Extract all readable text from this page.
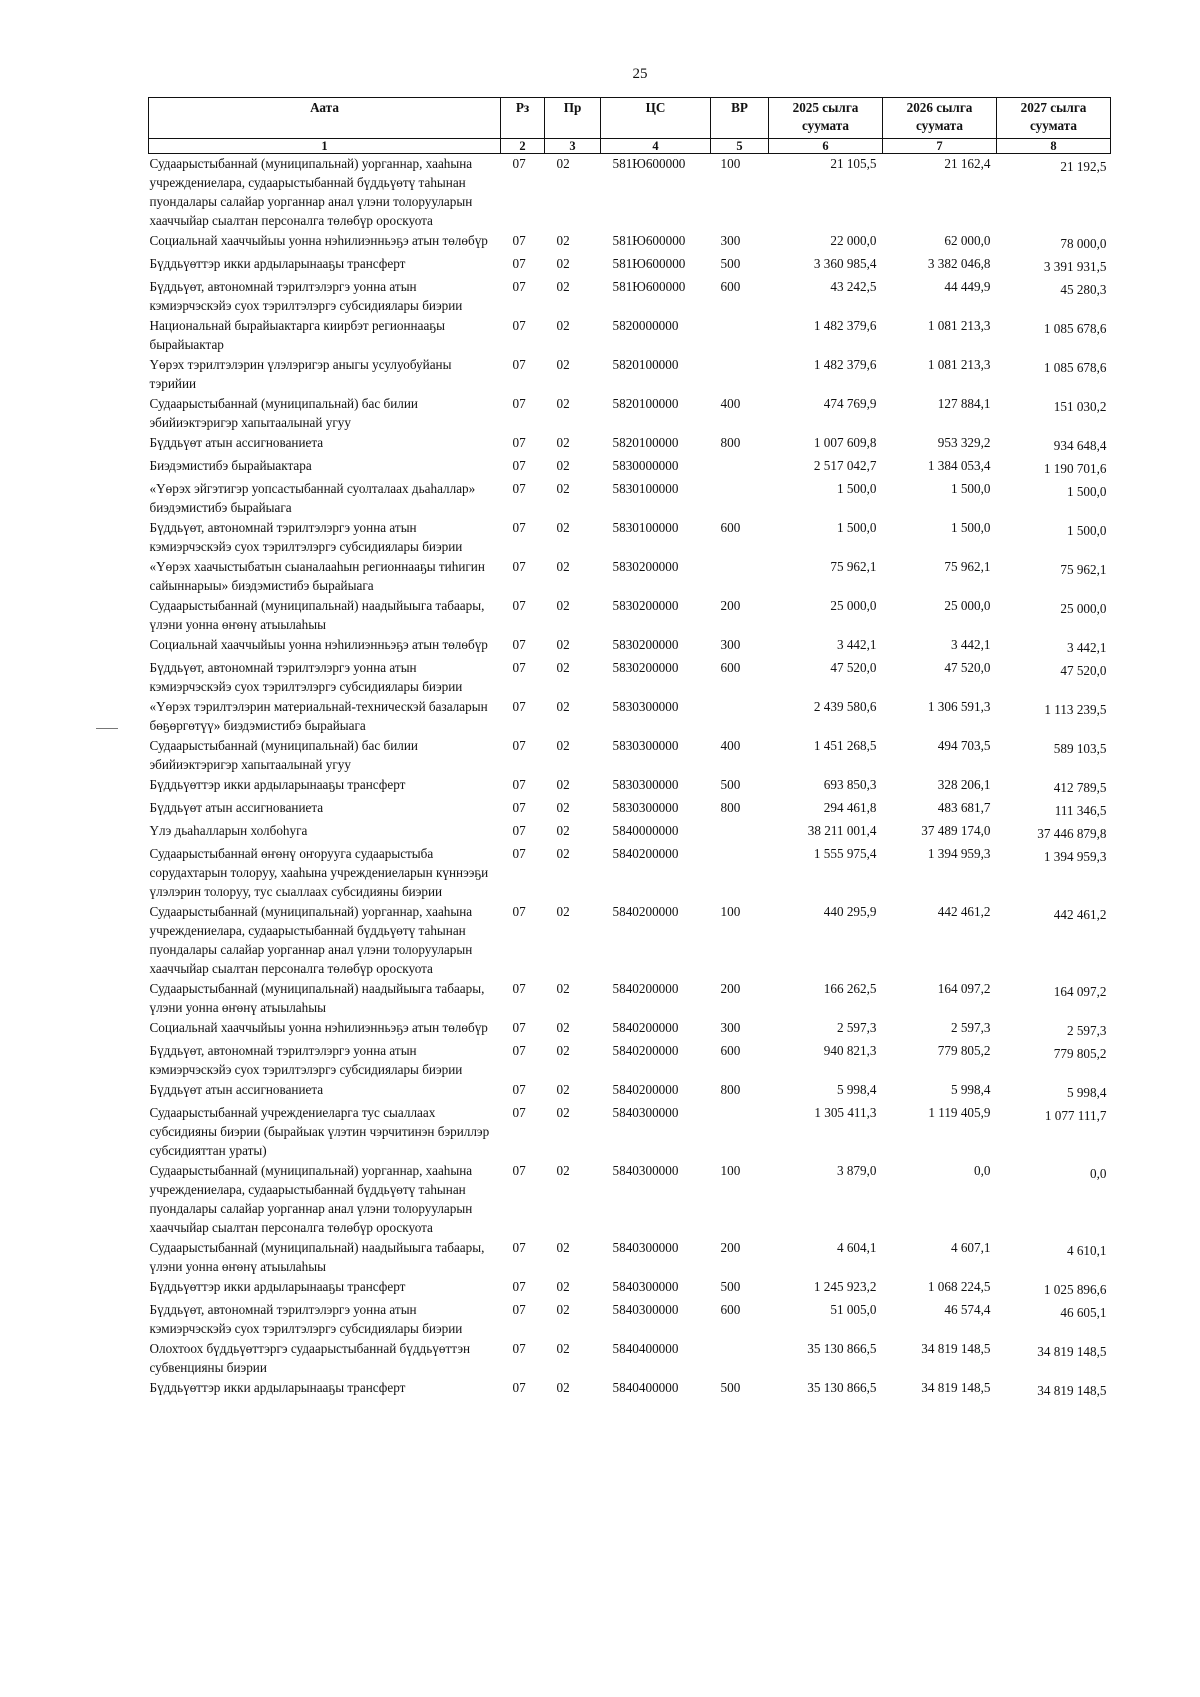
25
Аата	Рз	Пр	ЦС	ВР	2025 сылга суумата	2026 сылга суумата	2027 сылга суумата
1	2	3	4	5	6	7	8
Судаарыстыбаннай (муниципальнай) уорганнар, хааһына учреждениелара, судаарыстыбаннай бүддьүөтү таһынан пуондалары салайар уорганнар анал үлэни толорууларын хааччыйар сыалтан персоналга төлөбүр ороскуота	07	02	581Ю600000	100	21 105,5	21 162,4	21 192,5
Социальнай хааччыйыы уонна нэһилиэнньэҕэ атын төлөбүр	07	02	581Ю600000	300	22 000,0	62 000,0	78 000,0
Бүддьүөттэр икки ардыларынааҕы трансферт	07	02	581Ю600000	500	3 360 985,4	3 382 046,8	3 391 931,5
Бүддьүөт, автономнай тэрилтэлэргэ уонна атын кэмиэрчэскэйэ суох тэрилтэлэргэ субсидиялары биэрии	07	02	581Ю600000	600	43 242,5	44 449,9	45 280,3
Национальнай бырайыактарга киирбэт регионнааҕы бырайыактар	07	02	5820000000		1 482 379,6	1 081 213,3	1 085 678,6
Үөрэх тэрилтэлэрин үлэлэригэр аныгы усулуобуйаны тэрийии	07	02	5820100000		1 482 379,6	1 081 213,3	1 085 678,6
Судаарыстыбаннай (муниципальнай) бас билии эбийиэктэригэр хапытаалынай угуу	07	02	5820100000	400	474 769,9	127 884,1	151 030,2
Бүддьүөт атын ассигнованиета	07	02	5820100000	800	1 007 609,8	953 329,2	934 648,4
Биэдэмистибэ бырайыактара	07	02	5830000000		2 517 042,7	1 384 053,4	1 190 701,6
«Үөрэх эйгэтигэр уопсастыбаннай суолталаах дьаһаллар» биэдэмистибэ бырайыага	07	02	5830100000		1 500,0	1 500,0	1 500,0
Бүддьүөт, автономнай тэрилтэлэргэ уонна атын кэмиэрчэскэйэ суох тэрилтэлэргэ субсидиялары биэрии	07	02	5830100000	600	1 500,0	1 500,0	1 500,0
«Үөрэх хаачыстыбатын сыаналааһын регионнааҕы тиһигин сайыннарыы» биэдэмистибэ бырайыага	07	02	5830200000		75 962,1	75 962,1	75 962,1
Судаарыстыбаннай (муниципальнай) наадыйыыга табаары, үлэни уонна өҥөнү атыылаһыы	07	02	5830200000	200	25 000,0	25 000,0	25 000,0
Социальнай хааччыйыы уонна нэһилиэнньэҕэ атын төлөбүр	07	02	5830200000	300	3 442,1	3 442,1	3 442,1
Бүддьүөт, автономнай тэрилтэлэргэ уонна атын кэмиэрчэскэйэ суох тэрилтэлэргэ субсидиялары биэрии	07	02	5830200000	600	47 520,0	47 520,0	47 520,0
«Үөрэх тэрилтэлэрин материальнай-техническэй базаларын бөҕөргөтүү» биэдэмистибэ бырайыага	07	02	5830300000		2 439 580,6	1 306 591,3	1 113 239,5
Судаарыстыбаннай (муниципальнай) бас билии эбийиэктэригэр хапытаалынай угуу	07	02	5830300000	400	1 451 268,5	494 703,5	589 103,5
Бүддьүөттэр икки ардыларынааҕы трансферт	07	02	5830300000	500	693 850,3	328 206,1	412 789,5
Бүддьүөт атын ассигнованиета	07	02	5830300000	800	294 461,8	483 681,7	111 346,5
Үлэ дьаһалларын холбоһуга	07	02	5840000000		38 211 001,4	37 489 174,0	37 446 879,8
Судаарыстыбаннай өҥөнү оҥорууга судаарыстыба сорудахтарын толоруу, хааһына учреждениеларын күннээҕи үлэлэрин толоруу, тус сыаллаах субсидияны биэрии	07	02	5840200000		1 555 975,4	1 394 959,3	1 394 959,3
Судаарыстыбаннай (муниципальнай) уорганнар, хааһына учреждениелара, судаарыстыбаннай бүддьүөтү таһынан пуондалары салайар уорганнар анал үлэни толорууларын хааччыйар сыалтан персоналга төлөбүр ороскуота	07	02	5840200000	100	440 295,9	442 461,2	442 461,2
Судаарыстыбаннай (муниципальнай) наадыйыыга табаары, үлэни уонна өҥөнү атыылаһыы	07	02	5840200000	200	166 262,5	164 097,2	164 097,2
Социальнай хааччыйыы уонна нэһилиэнньэҕэ атын төлөбүр	07	02	5840200000	300	2 597,3	2 597,3	2 597,3
Бүддьүөт, автономнай тэрилтэлэргэ уонна атын кэмиэрчэскэйэ суох тэрилтэлэргэ субсидиялары биэрии	07	02	5840200000	600	940 821,3	779 805,2	779 805,2
Бүддьүөт атын ассигнованиета	07	02	5840200000	800	5 998,4	5 998,4	5 998,4
Судаарыстыбаннай учреждениеларга тус сыаллаах субсидияны биэрии (бырайыак үлэтин чэрчитинэн бэриллэр субсидияттан ураты)	07	02	5840300000		1 305 411,3	1 119 405,9	1 077 111,7
Судаарыстыбаннай (муниципальнай) уорганнар, хааһына учреждениелара, судаарыстыбаннай бүддьүөтү таһынан пуондалары салайар уорганнар анал үлэни толорууларын хааччыйар сыалтан персоналга төлөбүр ороскуота	07	02	5840300000	100	3 879,0	0,0	0,0
Судаарыстыбаннай (муниципальнай) наадыйыыга табаары, үлэни уонна өҥөнү атыылаһыы	07	02	5840300000	200	4 604,1	4 607,1	4 610,1
Бүддьүөттэр икки ардыларынааҕы трансферт	07	02	5840300000	500	1 245 923,2	1 068 224,5	1 025 896,6
Бүддьүөт, автономнай тэрилтэлэргэ уонна атын кэмиэрчэскэйэ суох тэрилтэлэргэ субсидиялары биэрии	07	02	5840300000	600	51 005,0	46 574,4	46 605,1
Олохтоох бүддьүөттэргэ судаарыстыбаннай бүддьүөттэн субвенцияны биэрии	07	02	5840400000		35 130 866,5	34 819 148,5	34 819 148,5
Бүддьүөттэр икки ардыларынааҕы трансферт	07	02	5840400000	500	35 130 866,5	34 819 148,5	34 819 148,5
